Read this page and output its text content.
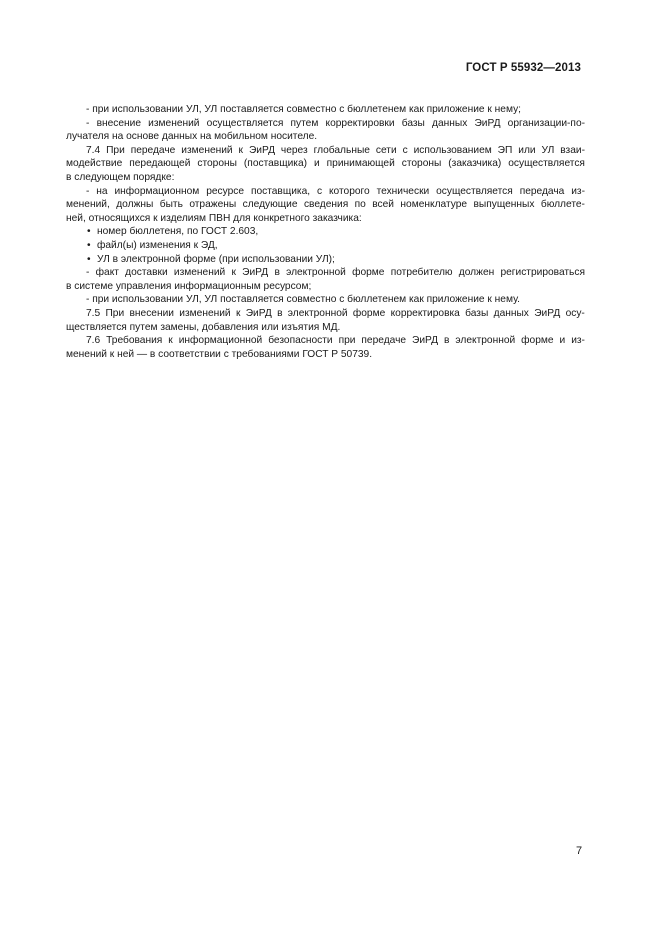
ГОСТ Р 55932—2013
- при использовании УЛ, УЛ поставляется совместно с бюллетенем как приложение к нему;
- внесение изменений осуществляется путем корректировки базы данных ЭиРД организации-по-
лучателя на основе данных на мобильном носителе.
7.4 При передаче изменений к ЭиРД через глобальные сети с использованием ЭП или УЛ взаи-
модействие передающей стороны (поставщика) и принимающей стороны (заказчика) осуществляется
в следующем порядке:
- на информационном ресурсе поставщика, с которого технически осуществляется передача из-
менений, должны быть отражены следующие сведения по всей номенклатуре выпущенных бюллете-
ней, относящихся к изделиям ПВН для конкретного заказчика:
• номер бюллетеня, по ГОСТ 2.603,
• файл(ы) изменения к ЭД,
• УЛ в электронной форме (при использовании УЛ);
- факт доставки изменений к ЭиРД в электронной форме потребителю должен регистрироваться
в системе управления информационным ресурсом;
- при использовании УЛ, УЛ поставляется совместно с бюллетенем как приложение к нему.
7.5 При внесении изменений к ЭиРД в электронной форме корректировка базы данных ЭиРД осу-
ществляется путем замены, добавления или изъятия МД.
7.6 Требования к информационной безопасности при передаче ЭиРД в электронной форме и из-
менений к ней — в соответствии с требованиями ГОСТ Р 50739.
7
